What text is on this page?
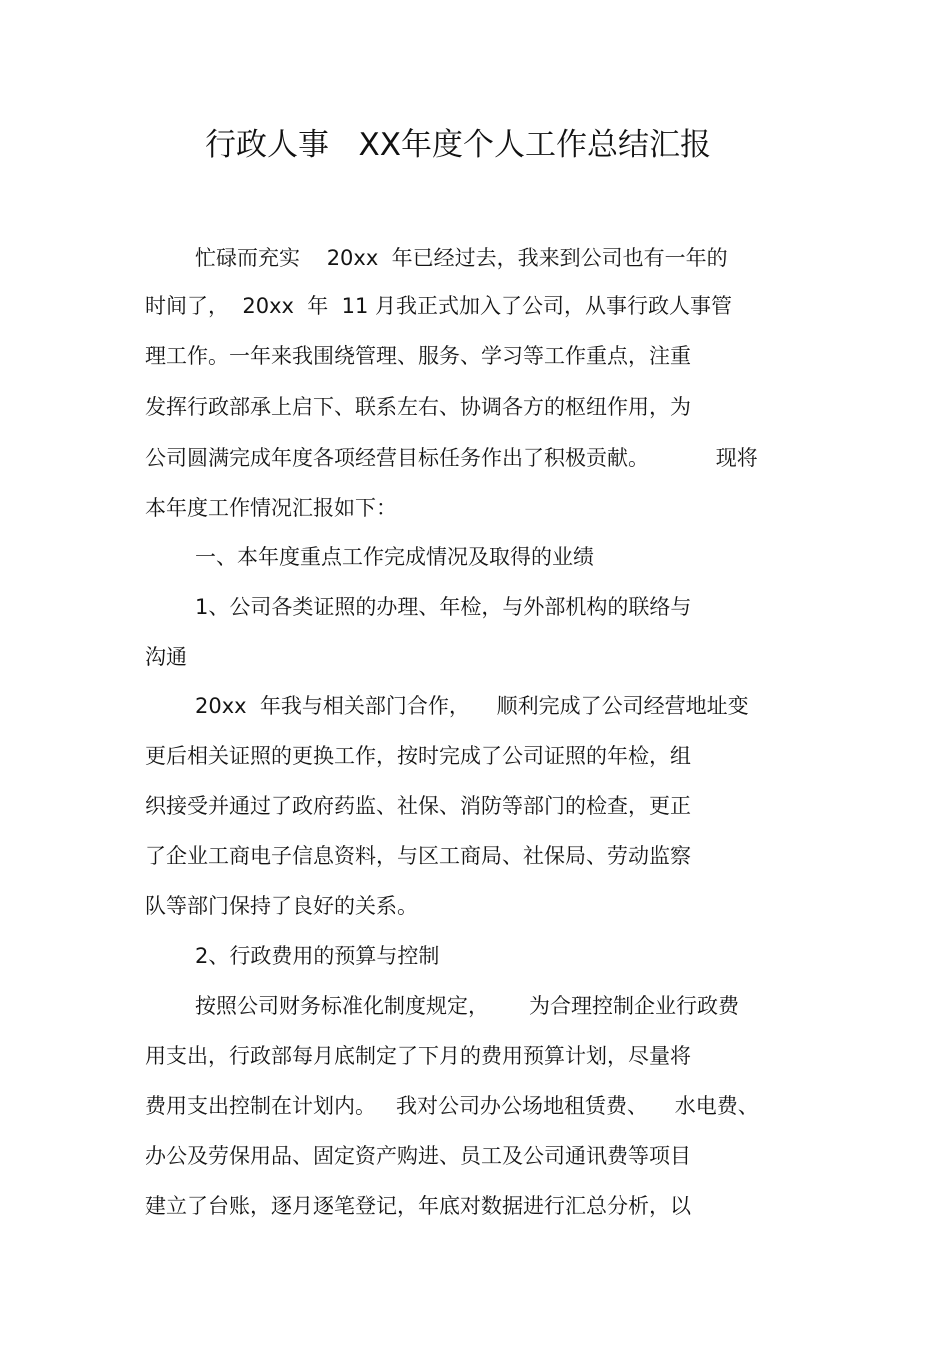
行政人事   XX年度个人工作总结汇报
忙碌而充实    20xx  年已经过去，我来到公司也有一年的
时间了，  20xx  年  11 月我正式加入了公司，从事行政人事管
理工作。一年来我围绕管理、服务、学习等工作重点，注重
发挥行政部承上启下、联系左右、协调各方的枢纽作用，为
公司圆满完成年度各项经营目标任务作出了积极贡献。          现将
本年度工作情况汇报如下：
一、本年度重点工作完成情况及取得的业绩
1、公司各类证照的办理、年检，与外部机构的联络与
沟通
20xx  年我与相关部门合作，    顺利完成了公司经营地址变
更后相关证照的更换工作，按时完成了公司证照的年检，组
织接受并通过了政府药监、社保、消防等部门的检查，更正
了企业工商电子信息资料，与区工商局、社保局、劳动监察
队等部门保持了良好的关系。
2、行政费用的预算与控制
按照公司财务标准化制度规定，      为合理控制企业行政费
用支出，行政部每月底制定了下月的费用预算计划，尽量将
费用支出控制在计划内。   我对公司办公场地租赁费、    水电费、
办公及劳保用品、固定资产购进、员工及公司通讯费等项目
建立了台账，逐月逐笔登记，年底对数据进行汇总分析，以
